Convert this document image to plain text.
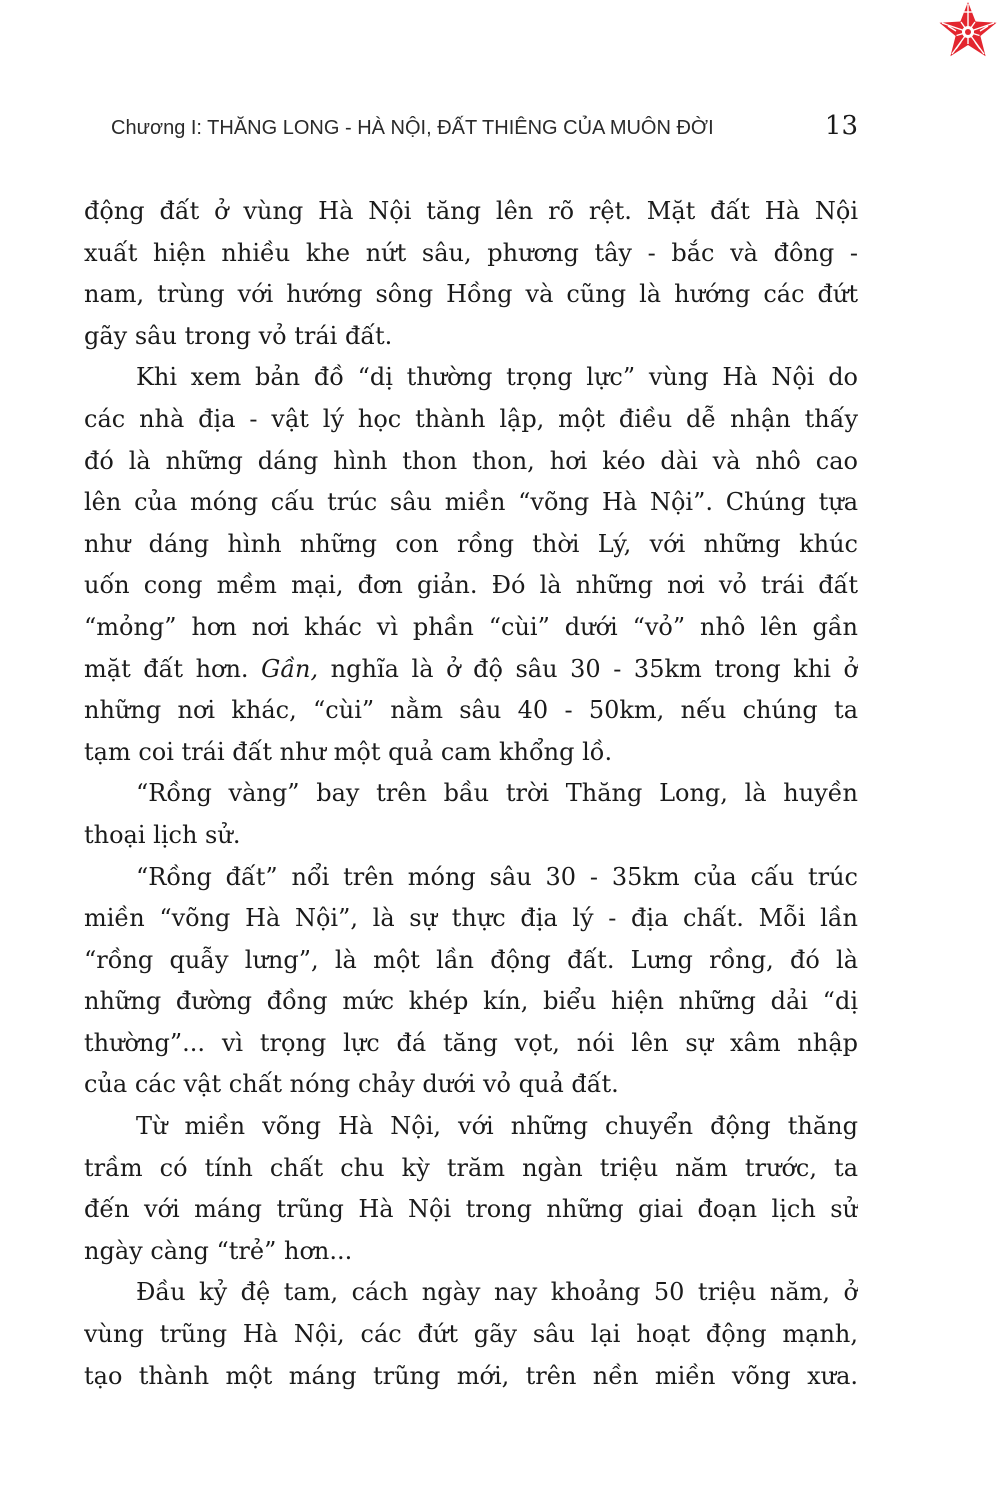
Chương I: THĂNG LONG - HÀ NỘI, ĐẤT THIÊNG CỦA MUÔN ĐỜI	13
động đất ở vùng Hà Nội tăng lên rõ rệt. Mặt đất Hà Nội
xuất hiện nhiều khe nứt sâu, phương tây - bắc và đông -
nam, trùng với hướng sông Hồng và cũng là hướng các đứt
gãy sâu trong vỏ trái đất.
Khi xem bản đồ “dị thường trọng lực” vùng Hà Nội do
các nhà địa - vật lý học thành lập, một điều dễ nhận thấy
đó là những dáng hình thon thon, hơi kéo dài và nhô cao
lên của móng cấu trúc sâu miền “võng Hà Nội”. Chúng tựa
như dáng hình những con rồng thời Lý, với những khúc
uốn cong mềm mại, đơn giản. Đó là những nơi vỏ trái đất
“mỏng” hơn nơi khác vì phần “cùi” dưới “vỏ” nhô lên gần
mặt đất hơn. Gần, nghĩa là ở độ sâu 30 - 35km trong khi ở
những nơi khác, “cùi” nằm sâu 40 - 50km, nếu chúng ta
tạm coi trái đất như một quả cam khổng lồ.
“Rồng vàng” bay trên bầu trời Thăng Long, là huyền
thoại lịch sử.
“Rồng đất” nổi trên móng sâu 30 - 35km của cấu trúc
miền “võng Hà Nội”, là sự thực địa lý - địa chất. Mỗi lần
“rồng quẫy lưng”, là một lần động đất. Lưng rồng, đó là
những đường đồng mức khép kín, biểu hiện những dải “dị
thường”... vì trọng lực đá tăng vọt, nói lên sự xâm nhập
của các vật chất nóng chảy dưới vỏ quả đất.
Từ miền võng Hà Nội, với những chuyển động thăng
trầm có tính chất chu kỳ trăm ngàn triệu năm trước, ta
đến với máng trũng Hà Nội trong những giai đoạn lịch sử
ngày càng “trẻ” hơn...
Đầu kỷ đệ tam, cách ngày nay khoảng 50 triệu năm, ở
vùng trũng Hà Nội, các đứt gãy sâu lại hoạt động mạnh,
tạo thành một máng trũng mới, trên nền miền võng xưa.
